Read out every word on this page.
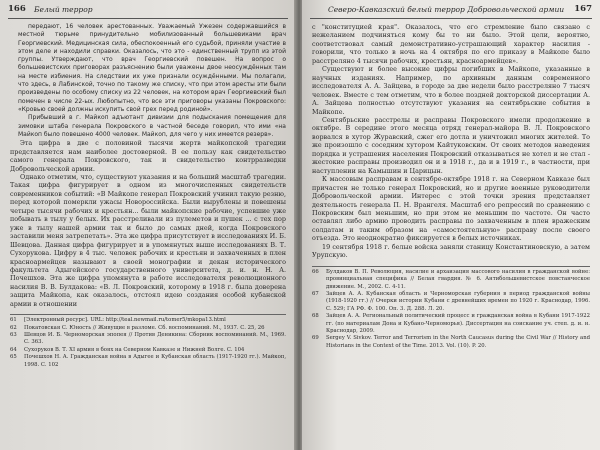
166 Белый террор

передают, 16 человек арестованных. Уважаемый Ужезен содержавшийся в местной тюрьме принудительно мобилизованный большевиками врач Георгиевский. Медицинская сила, обеспокоенный его судьбой, приняли участие в этом деле и находили справки. Оказалось, что это - единственный трупп из этой группы. Утверждают, что врач Георгиевский повешен. На вопрос о большевистских приговорах разъяснению были уважены двое неосуждённых там на месте избиения. На следствии их уже признали осуждёнными. Мы полагали, что здесь, в Лабинской, точно по такому же списку, что при этом аресты эти были произведены по особому списку из 22 человек, на котором врач Георгиевский был помечен в числе 22-ых. Любопытно, что все эти приговоры указаны Покровского: «Кровью своей должны искупить свой грех перед родиной».

Прибывший в г. Майкоп адъютант дивизии для подыскания помещения для зимовки штаба генерала Покровского в частной беседе говорил, что ими «на Майкоп было повешено 4000 человек. Майкоп, для чего у них имеется резерв».

Эта цифра в две с половиной тысячи жертв майкопской трагедии представляется нам наиболее достоверной. В ее пользу как свидетельство самого генерала Покровского, так и свидетельство контрразведки Добровольческой армии.

Однако отметим, что, существуют указания и на больший масштаб трагедии. Такая цифра фигурирует в одном из многочисленных свидетельств современников событий: «В Майкопе генерал Покровский учинил такую резню, перед которой померкли ужасы Новороссийска. Были вырублены и повешены четыре тысячи рабочих и крестьян... были майкопские рабочие, успевшие уже побывать в тылу у белых. Их расстреливали из пулеметов и пушек ... с тех пор уже в тылу нашей армии так и было до самых дней, когда Покровского заставили меня затрепетать». Эта же цифра присутствует в исследованиях И. Б. Шевцова. Данная цифра фигурирует и в упомянутых выше исследованиях В. Т. Сухорукова. Цифру в 4 тыс. человек рабочих и крестьян и захваченных в плен красноармейцев называют в своей монографии и декан исторического факультета Адыгейского государственного университета, д. и. н. Н. А. Почешхов. Эта же цифра упомянута в работе исследователя революционного насилия В. В. Булдакова: «В. Л. Покровский, которому в 1918 г. была доверена защита Майкопа, как оказалось, отстоял идею создания особой кубанской армии в отношении

61	[Электронный ресурс]. URL: http://teal.newmail.ru/tomer5/mkopa13.html
62	Покатовская С. Юность // Живущие в разломе. Сб. воспоминаний. М., 1937. С. 25, 26
63	Шевцов И. Б. Черноморская эпопея // Против Деникина: Сборник воспоминаний. М., 1969. С. 363.
64	Сухоруков В. Т. XI армия в боях на Северном Кавказе и Нижней Волге. С. 104
65	Почешхов Н. А. Гражданская война в Адыгее и Кубанская область (1917-1920 гг.). Майкоп, 1998. С. 102
Северо-Кавказский белый террор Добровольческой армии 167

с "конституцией края". Оказалось, что его стремление было связано с нежеланием подчиняться кому бы то ни было. Этой цели, вероятно, соответствовал самый демонстративно-устрашающий характер насилия - говорили, что только в ночь на 4 октября по его приказу в Майкопе было расстреляно 4 тысячи рабочих, крестьян, красноармейцев».

Существуют и более высокие цифры погибших в Майкопе, указанные в научных изданиях. Например, по архивным данным современного исследователя А. А. Зайцева, в городе за две недели было расстреляно 7 тысяч человек. Вместе с тем отметим, что в более поздней докторской диссертации А. А. Зайцева полностью отсутствуют указания на сентябрьские события в Майкопе.

Сентябрьские расстрелы и расправы Покровского имели продолжение в октябре. В середине этого месяца отряд генерал-майора В. Л. Покровского ворвался в хутор Журавский, сжег его дотла и уничтожил многих жителей. То же произошло с соседним хутором Кайтуковским. От своих методов наведения порядка и устрашения населения Покровский отказываться не хотел и не стал - жестокие расправы производил он и в 1918 г., да и в 1919 г., в частности, при наступлении на Камышин и Царицын.

К массовым расправам в сентябре-октябре 1918 г. на Северном Кавказе был причастен не только генерал Покровский, но и другие военные руководители Добровольческой армии. Интерес с этой точки зрения представляет деятельность генерала П. Н. Врангеля. Масштаб его репрессий по сравнению с Покровским был меньшим, но при этом не меньшим по частоте. Он часто оставлял либо армию проводить расправы по захваченным в плен вражеским солдатам и таким образом на «самостоятельную» расправу после своего отъезда. Это неоднократно фиксируется в белых источниках.

19 сентября 1918 г. белые войска заняли станицу Константиновскую, а затем Урупскую.

66	Булдаков В. П. Революция, насилие и архаизация массового насилия в гражданской войне: провинциальная специфика // Белая гвардия. № 6. Антибольшевистское повстанческое движение. М., 2002. С. 4-11.
67	Зайцев А. А. Кубанская область и Черноморская губерния в период гражданской войны (1918-1920 гг.) // Очерки истории Кубани с древнейших времен по 1920 г. Краснодар, 1996. С. 529; ГА РФ. Ф. 100. Оп. 3. Д. 288. Л. 20.
68	Зайцев А. А. Региональный политический процесс и гражданская война в Кубани 1917-1922 гг. (по материалам Дона и Кубано-Черноморья). Диссертация на соискание уч. степ. д. и. н. Краснодар, 2009.
69	Sergey V. Sivkov. Terror and Terrorism in the North Caucasus during the Civil War // History and Historians in the Context of the Time. 2013. Vol. (10). P. 20.
